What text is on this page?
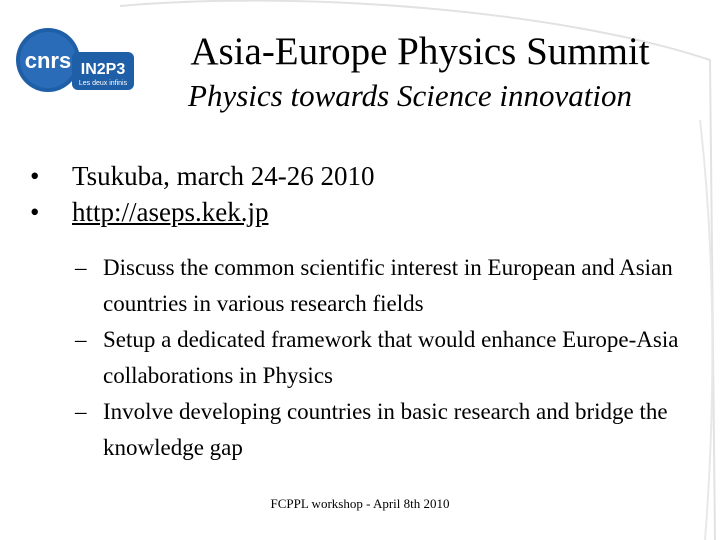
cnrs IN2P3
Les deux infinis
Asia-Europe Physics Summit
Physics towards Science innovation
• Tsukuba, march 24-26 2010
• http://aseps.kek.jp
– Discuss the common scientific interest in European and Asian countries in various research fields
– Setup a dedicated framework that would enhance Europe-Asia collaborations in Physics
– Involve developing countries in basic research and bridge the knowledge gap
FCPPL workshop - April 8th 2010
